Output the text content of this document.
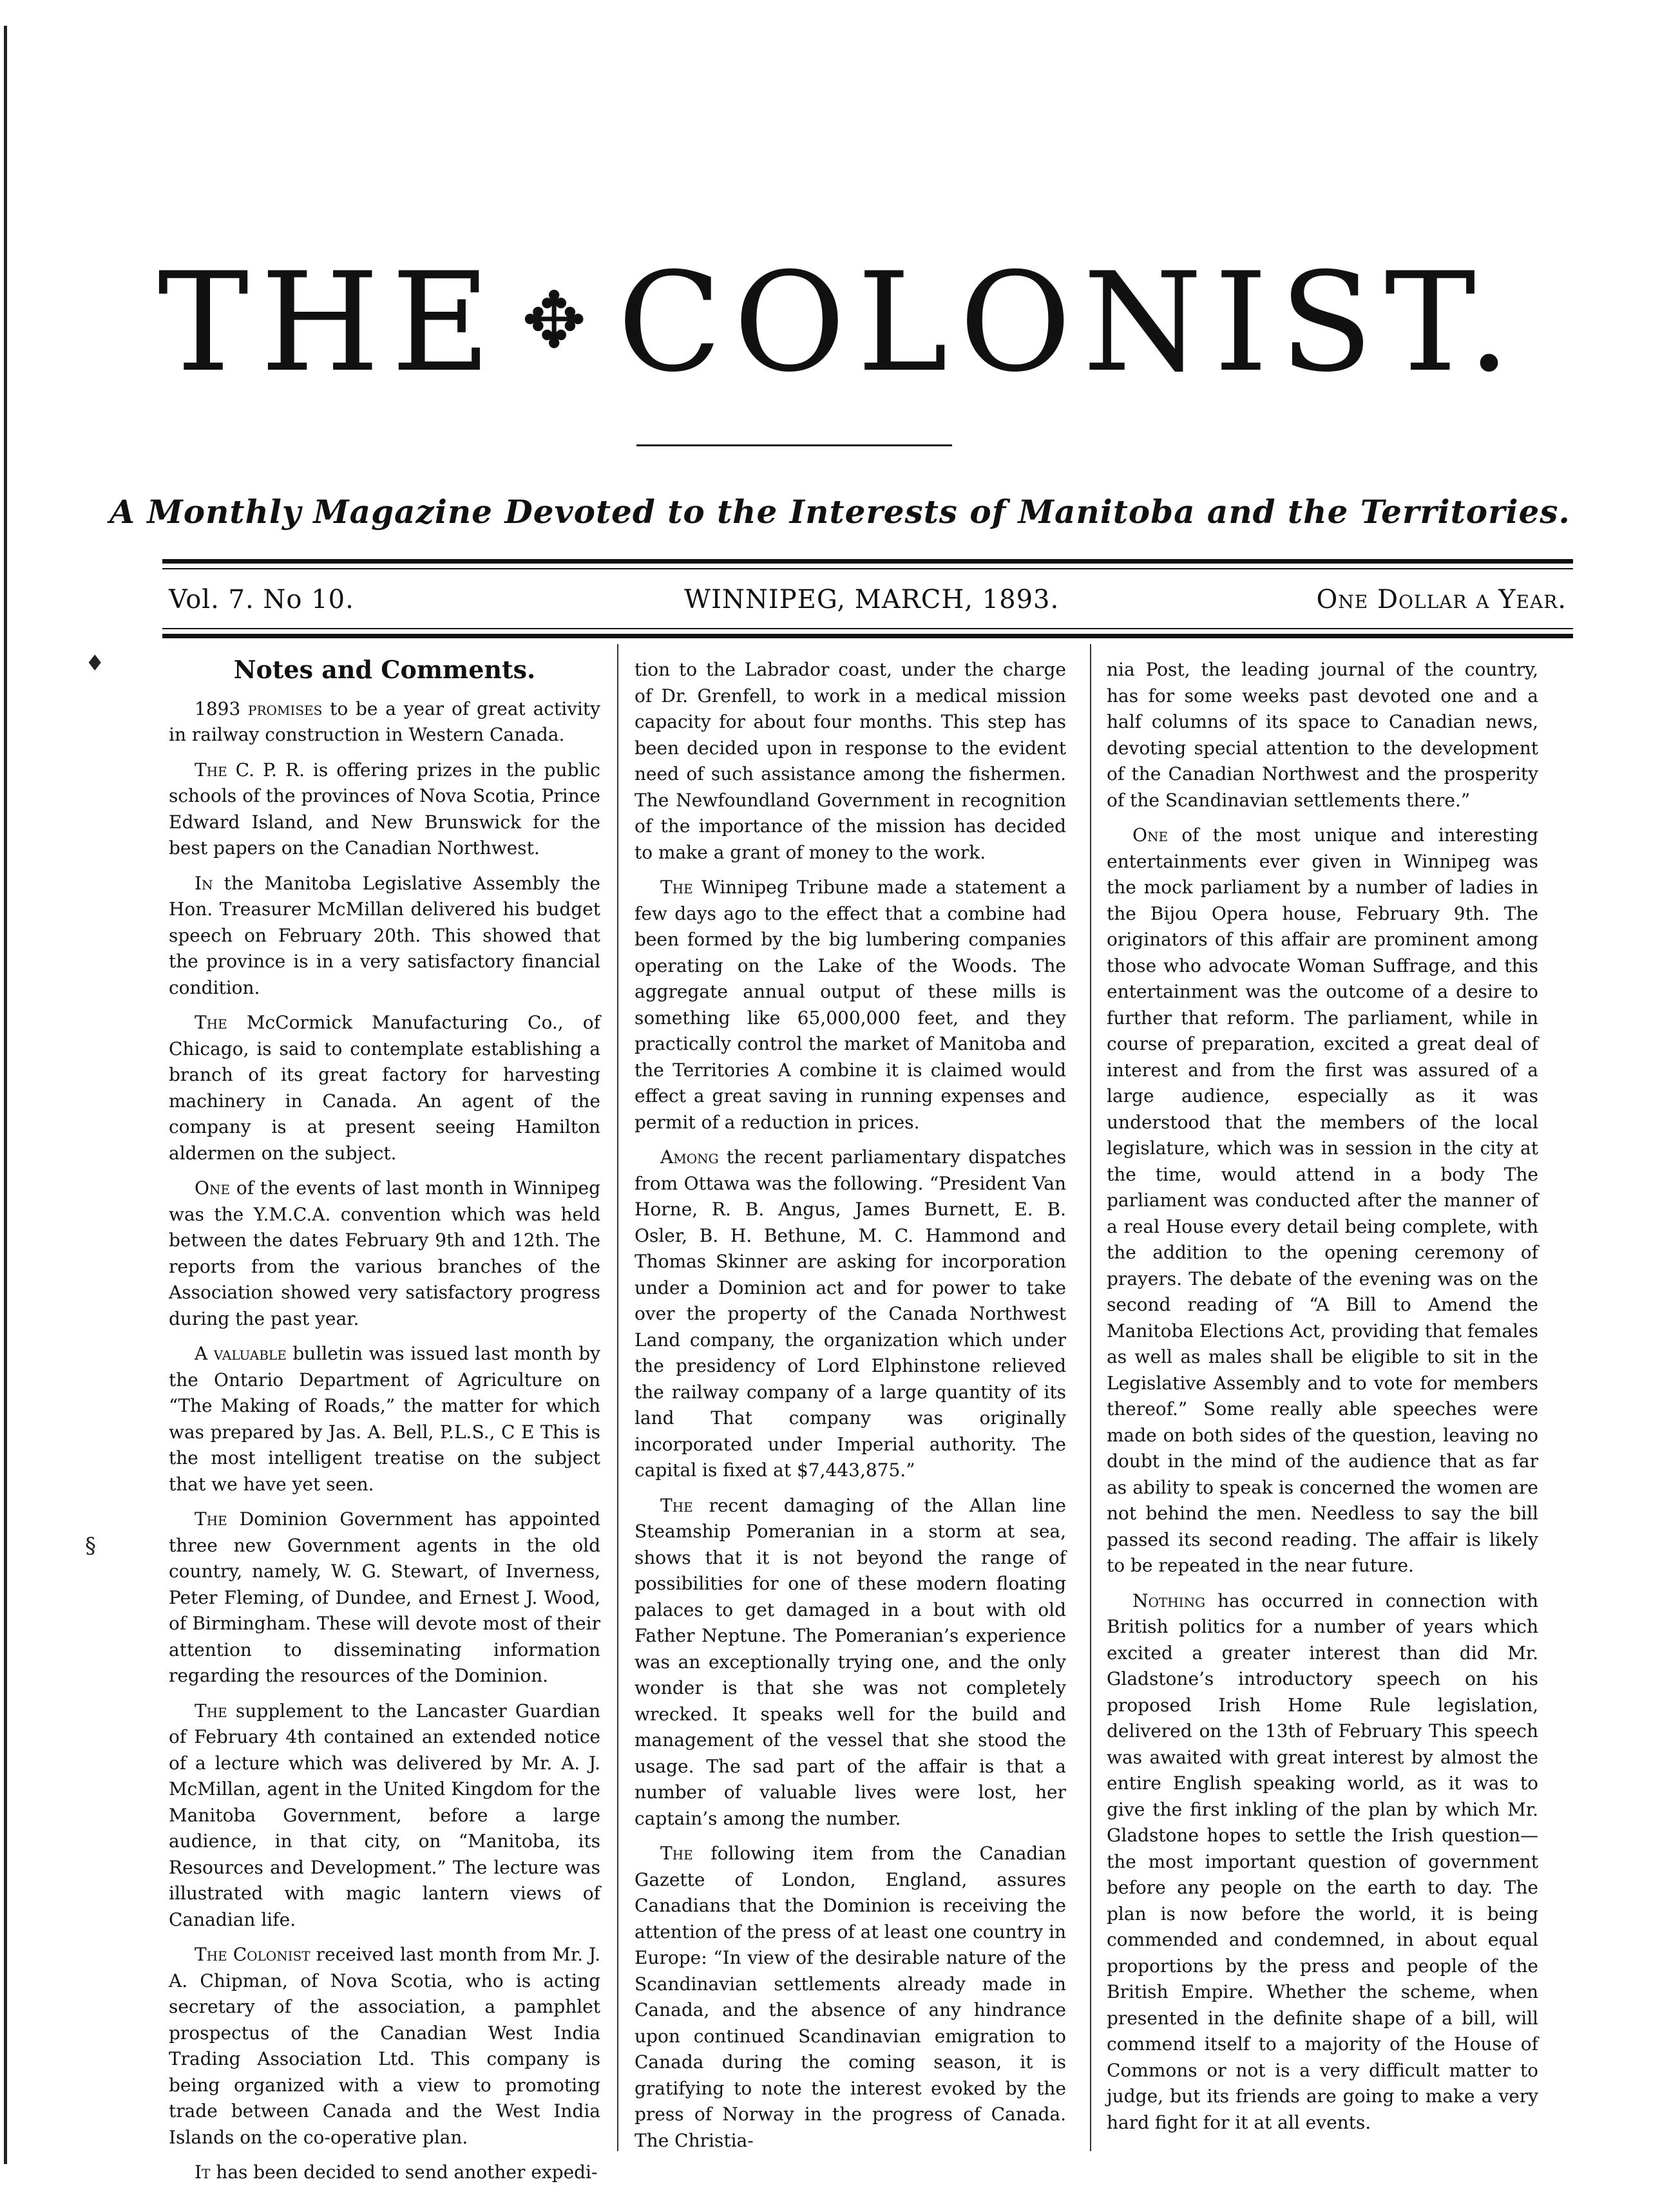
THE ✥ COLONIST.
A Monthly Magazine Devoted to the Interests of Manitoba and the Territories.
Vol. 7. No 10.	WINNIPEG, MARCH, 1893.	One Dollar a Year.
Notes and Comments.

1893 promises to be a year of great activity in railway construction in Western Canada.

The C. P. R. is offering prizes in the public schools of the provinces of Nova Scotia, Prince Edward Island, and New Brunswick for the best papers on the Canadian Northwest.

In the Manitoba Legislative Assembly the Hon. Treasurer McMillan delivered his budget speech on February 20th. This showed that the province is in a very satisfactory financial condition.

The McCormick Manufacturing Co., of Chicago, is said to contemplate establishing a branch of its great factory for harvesting machinery in Canada. An agent of the company is at present seeing Hamilton aldermen on the subject.

One of the events of last month in Winnipeg was the Y.M.C.A. convention which was held between the dates February 9th and 12th. The reports from the various branches of the Association showed very satisfactory progress during the past year.

A valuable bulletin was issued last month by the Ontario Department of Agriculture on “The Making of Roads,” the matter for which was prepared by Jas. A. Bell, P.L.S., C E This is the most intelligent treatise on the subject that we have yet seen.

The Dominion Government has appointed three new Government agents in the old country, namely, W. G. Stewart, of Inverness, Peter Fleming, of Dundee, and Ernest J. Wood, of Birmingham. These will devote most of their attention to disseminating information regarding the resources of the Dominion.

The supplement to the Lancaster Guardian of February 4th contained an extended notice of a lecture which was delivered by Mr. A. J. McMillan, agent in the United Kingdom for the Manitoba Government, before a large audience, in that city, on “Manitoba, its Resources and Development.” The lecture was illustrated with magic lantern views of Canadian life.

The Colonist received last month from Mr. J. A. Chipman, of Nova Scotia, who is acting secretary of the association, a pamphlet prospectus of the Canadian West India Trading Association Ltd. This company is being organized with a view to promoting trade between Canada and the West India Islands on the co-operative plan.

It has been decided to send another expedi-

tion to the Labrador coast, under the charge of Dr. Grenfell, to work in a medical mission capacity for about four months. This step has been decided upon in response to the evident need of such assistance among the fishermen. The Newfoundland Government in recognition of the importance of the mission has decided to make a grant of money to the work.

The Winnipeg Tribune made a statement a few days ago to the effect that a combine had been formed by the big lumbering companies operating on the Lake of the Woods. The aggregate annual output of these mills is something like 65,000,000 feet, and they practically control the market of Manitoba and the Territories A combine it is claimed would effect a great saving in running expenses and permit of a reduction in prices.

Among the recent parliamentary dispatches from Ottawa was the following. “President Van Horne, R. B. Angus, James Burnett, E. B. Osler, B. H. Bethune, M. C. Hammond and Thomas Skinner are asking for incorporation under a Dominion act and for power to take over the property of the Canada Northwest Land company, the organization which under the presidency of Lord Elphinstone relieved the railway company of a large quantity of its land That company was originally incorporated under Imperial authority. The capital is fixed at $7,443,875.”

The recent damaging of the Allan line Steamship Pomeranian in a storm at sea, shows that it is not beyond the range of possibilities for one of these modern floating palaces to get damaged in a bout with old Father Neptune. The Pomeranian’s experience was an exceptionally trying one, and the only wonder is that she was not completely wrecked. It speaks well for the build and management of the vessel that she stood the usage. The sad part of the affair is that a number of valuable lives were lost, her captain’s among the number.

The following item from the Canadian Gazette of London, England, assures Canadians that the Dominion is receiving the attention of the press of at least one country in Europe: “In view of the desirable nature of the Scandinavian settlements already made in Canada, and the absence of any hindrance upon continued Scandinavian emigration to Canada during the coming season, it is gratifying to note the interest evoked by the press of Norway in the progress of Canada. The Christia-

nia Post, the leading journal of the country, has for some weeks past devoted one and a half columns of its space to Canadian news, devoting special attention to the development of the Canadian Northwest and the prosperity of the Scandinavian settlements there.”

One of the most unique and interesting entertainments ever given in Winnipeg was the mock parliament by a number of ladies in the Bijou Opera house, February 9th. The originators of this affair are prominent among those who advocate Woman Suffrage, and this entertainment was the outcome of a desire to further that reform. The parliament, while in course of preparation, excited a great deal of interest and from the first was assured of a large audience, especially as it was understood that the members of the local legislature, which was in session in the city at the time, would attend in a body The parliament was conducted after the manner of a real House every detail being complete, with the addition to the opening ceremony of prayers. The debate of the evening was on the second reading of “A Bill to Amend the Manitoba Elections Act, providing that females as well as males shall be eligible to sit in the Legislative Assembly and to vote for members thereof.” Some really able speeches were made on both sides of the question, leaving no doubt in the mind of the audience that as far as ability to speak is concerned the women are not behind the men. Needless to say the bill passed its second reading. The affair is likely to be repeated in the near future.

Nothing has occurred in connection with British politics for a number of years which excited a greater interest than did Mr. Gladstone’s introductory speech on his proposed Irish Home Rule legislation, delivered on the 13th of February This speech was awaited with great interest by almost the entire English speaking world, as it was to give the first inkling of the plan by which Mr. Gladstone hopes to settle the Irish question—the most important question of government before any people on the earth to day. The plan is now before the world, it is being commended and condemned, in about equal proportions by the press and people of the British Empire. Whether the scheme, when presented in the definite shape of a bill, will commend itself to a majority of the House of Commons or not is a very difficult matter to judge, but its friends are going to make a very hard fight for it at all events.

♦
§
